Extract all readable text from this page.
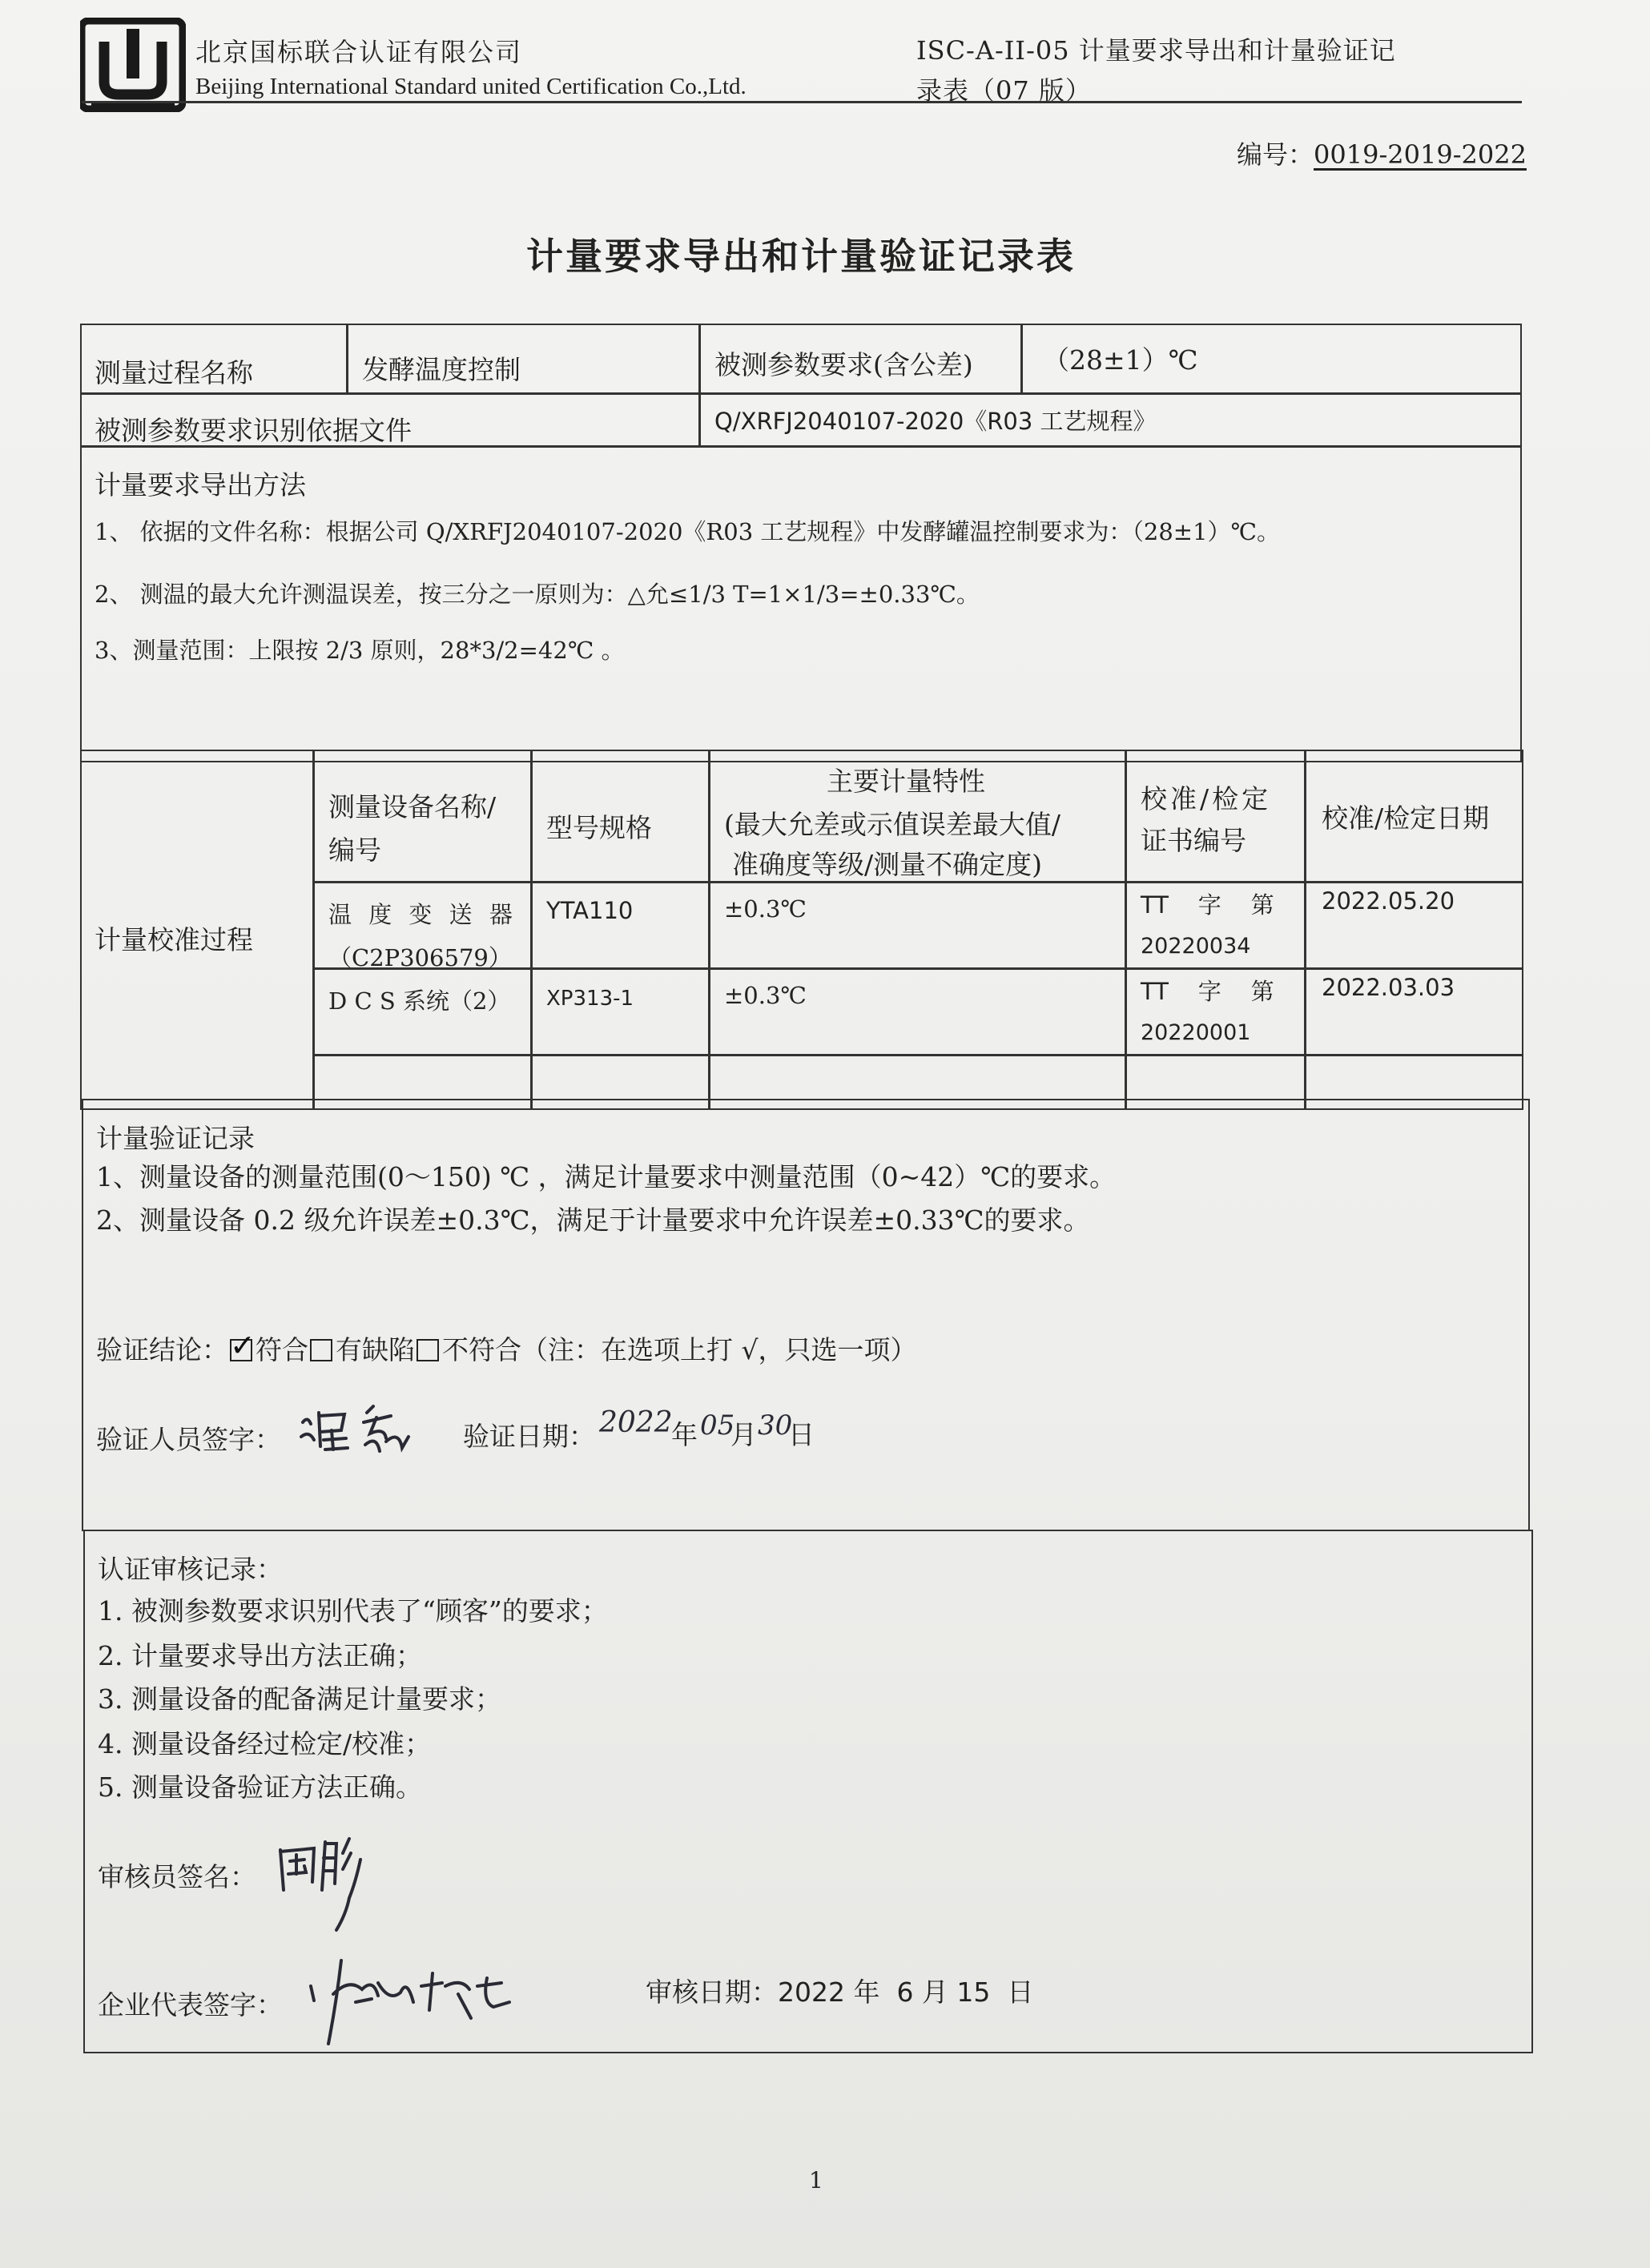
北京国标联合认证有限公司
Beijing International Standard united Certification Co.,Ltd.
ISC-A-II-05 计量要求导出和计量验证记
录表（07 版）
编号：0019-2019-2022
计量要求导出和计量验证记录表
测量过程名称	发酵温度控制	被测参数要求(含公差)	（28±1）℃
被测参数要求识别依据文件	Q/XRFJ2040107-2020《R03 工艺规程》
计量要求导出方法
1、 依据的文件名称：根据公司 Q/XRFJ2040107-2020《R03 工艺规程》中发酵罐温控制要求为：（28±1）℃。
2、 测温的最大允许测温误差，按三分之一原则为：△允≤1/3 T=1×1/3=±0.33℃。
3、测量范围：上限按 2/3 原则，28*3/2=42℃ 。
计量校准过程
测量设备名称/
编号
型号规格
主要计量特性
(最大允差或示值误差最大值/
准确度等级/测量不确定度)
校准/检定
证书编号
校准/检定日期
温 度 变 送 器
（C2P306579）
YTA110	±0.3℃	TT    字    第
20220034
2022.05.20
D C S 系统（2） XP313-1	±0.3℃	TT    字    第
20220001
2022.03.03
计量验证记录
1、测量设备的测量范围(0～150) ℃ ，满足计量要求中测量范围（0~42）℃的要求。
2、测量设备 0.2 级允许误差±0.3℃，满足于计量要求中允许误差±0.33℃的要求。
验证结论：✓ 符合 有缺陷 不符合（注：在选项上打 √，只选一项）
验证人员签字：	验证日期： 2022
年 05
月 30
日
认证审核记录：
1. 被测参数要求识别代表了“顾客”的要求；
2. 计量要求导出方法正确；
3. 测量设备的配备满足计量要求；
4. 测量设备经过检定/校准；
5. 测量设备验证方法正确。
审核员签名：
企业代表签字：	审核日期：2022 年  6 月 15  日
1
